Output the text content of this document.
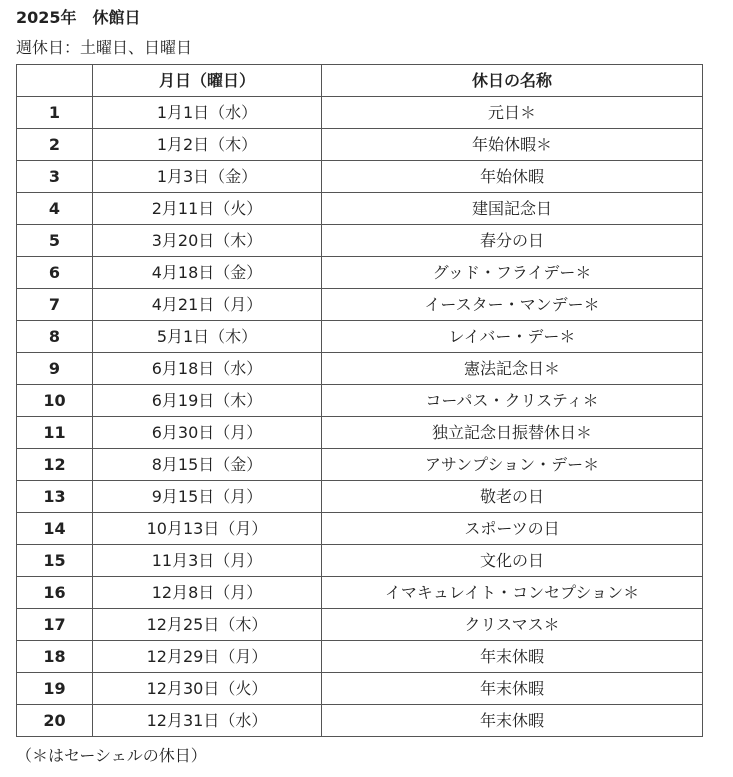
2025年　休館日
週休日：土曜日、日曜日
	月日（曜日）	休日の名称
1	1月1日（水）	元日＊
2	1月2日（木）	年始休暇＊
3	1月3日（金）	年始休暇
4	2月11日（火）	建国記念日
5	3月20日（木）	春分の日
6	4月18日（金）	グッド・フライデー＊
7	4月21日（月）	イースター・マンデー＊
8	5月1日（木）	レイバー・デー＊
9	6月18日（水）	憲法記念日＊
10	6月19日（木）	コーパス・クリスティ＊
11	6月30日（月）	独立記念日振替休日＊
12	8月15日（金）	アサンプション・デー＊
13	9月15日（月）	敬老の日
14	10月13日（月）	スポーツの日
15	11月3日（月）	文化の日
16	12月8日（月）	イマキュレイト・コンセプション＊
17	12月25日（木）	クリスマス＊
18	12月29日（月）	年末休暇
19	12月30日（火）	年末休暇
20	12月31日（水）	年末休暇
（＊はセーシェルの休日）
